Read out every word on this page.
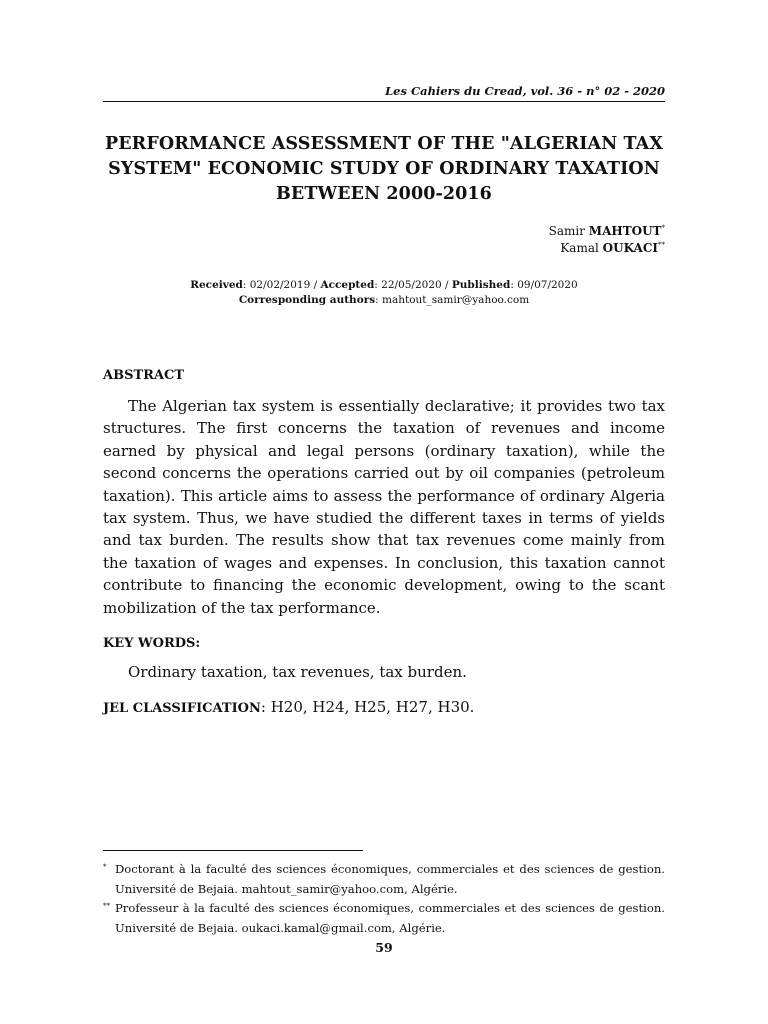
Les Cahiers du Cread, vol. 36 - n° 02 - 2020
PERFORMANCE ASSESSMENT OF THE "ALGERIAN TAX SYSTEM" ECONOMIC STUDY OF ORDINARY TAXATION BETWEEN 2000-2016
Samir MAHTOUT*
Kamal OUKACI**
Received: 02/02/2019 / Accepted: 22/05/2020 / Published: 09/07/2020
Corresponding authors: mahtout_samir@yahoo.com
ABSTRACT

The Algerian tax system is essentially declarative; it provides two tax structures. The first concerns the taxation of revenues and income earned by physical and legal persons (ordinary taxation), while the second concerns the operations carried out by oil companies (petroleum taxation). This article aims to assess the performance of ordinary Algeria tax system. Thus, we have studied the different taxes in terms of yields and tax burden. The results show that tax revenues come mainly from the taxation of wages and expenses. In conclusion, this taxation cannot contribute to financing the economic development, owing to the scant mobilization of the tax performance.

KEY WORDS:
Ordinary taxation, tax revenues, tax burden.
JEL CLASSIFICATION: H20, H24, H25, H27, H30.
* Doctorant à la faculté des sciences économiques, commerciales et des sciences de gestion. Université de Bejaia. mahtout_samir@yahoo.com, Algérie.
** Professeur à la faculté des sciences économiques, commerciales et des sciences de gestion. Université de Bejaia. oukaci.kamal@gmail.com, Algérie.
59
